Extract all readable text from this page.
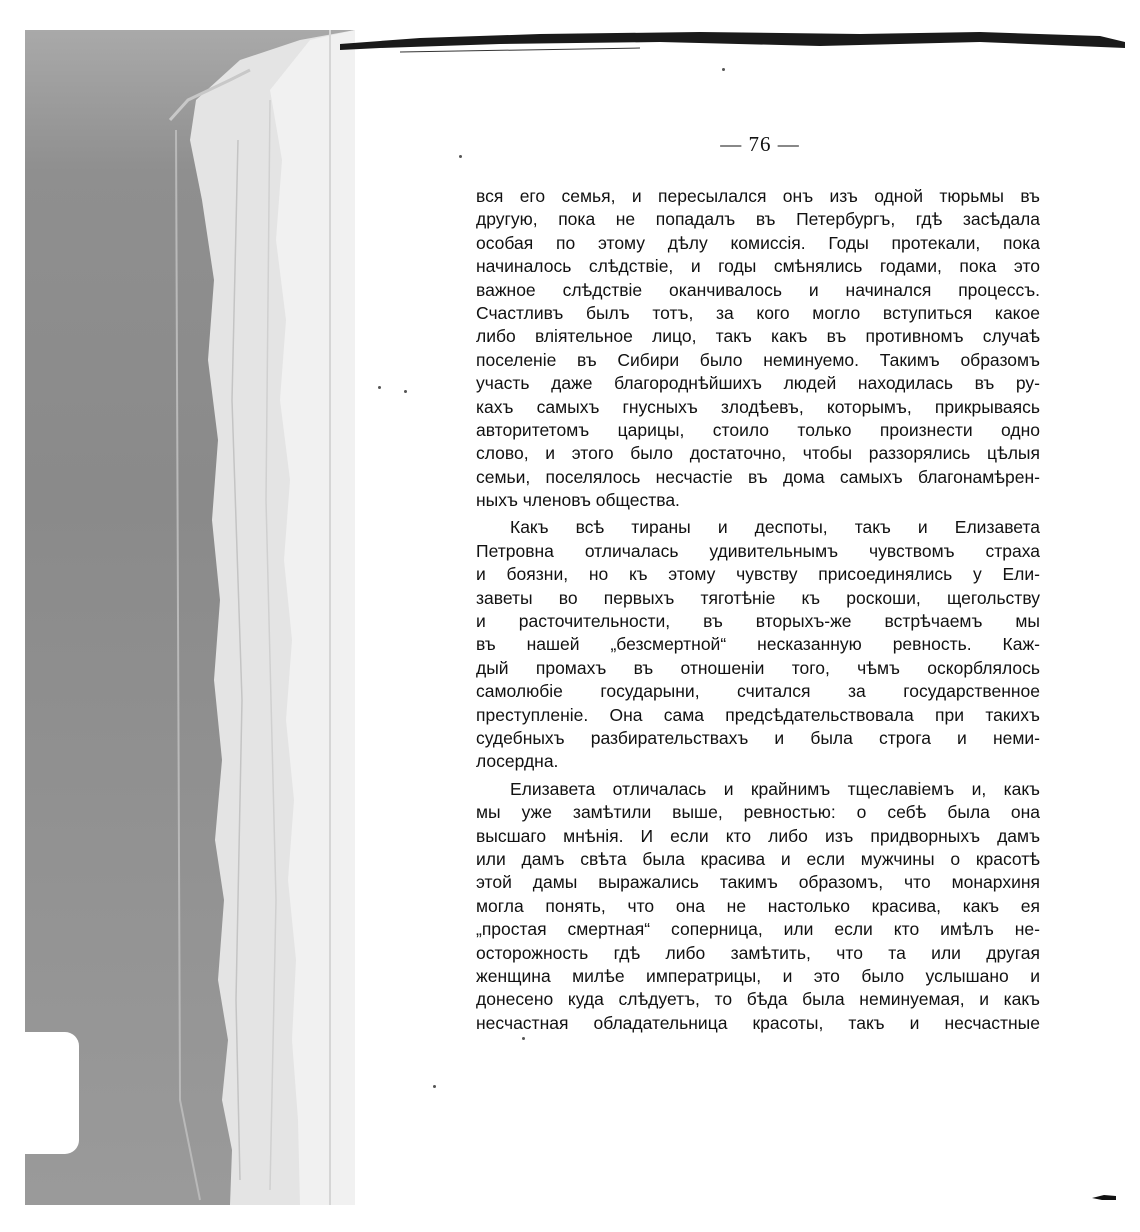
— 76 —
вся его семья, и пересылался онъ изъ одной тюрьмы въ
другую, пока не попадалъ въ Петербургъ, гдѣ засѣдала
особая по этому дѣлу комиссія. Годы протекали, пока
начиналось слѣдствіе, и годы смѣнялись годами, пока это
важное слѣдствіе оканчивалось и начинался процессъ.
Счастливъ былъ тотъ, за кого могло вступиться какое
либо вліятельное лицо, такъ какъ въ противномъ случаѣ
поселеніе въ Сибири было неминуемо. Такимъ образомъ
участь даже благороднѣйшихъ людей находилась въ ру-
кахъ самыхъ гнусныхъ злодѣевъ, которымъ, прикрываясь
авторитетомъ царицы, стоило только произнести одно
слово, и этого было достаточно, чтобы раззорялись цѣлыя
семьи, поселялось несчастіе въ дома самыхъ благонамѣрен-
ныхъ членовъ общества.
Какъ всѣ тираны и деспоты, такъ и Елизавета
Петровна отличалась удивительнымъ чувствомъ страха
и боязни, но къ этому чувству присоединялись у Ели-
заветы во первыхъ тяготѣніе къ роскоши, щегольству
и расточительности, въ вторыхъ-же встрѣчаемъ мы
въ нашей „безсмертной“ несказанную ревность. Каж-
дый промахъ въ отношеніи того, чѣмъ оскорблялось
самолюбіе государыни, считался за государственное
преступленіе. Она сама предсѣдательствовала при такихъ
судебныхъ разбирательствахъ и была строга и неми-
лосердна.
Елизавета отличалась и крайнимъ тщеславіемъ и, какъ
мы уже замѣтили выше, ревностью: о себѣ была она
высшаго мнѣнія. И если кто либо изъ придворныхъ дамъ
или дамъ свѣта была красива и если мужчины о красотѣ
этой дамы выражались такимъ образомъ, что монархиня
могла понять, что она не настолько красива, какъ ея
„простая смертная“ соперница, или если кто имѣлъ не-
осторожность гдѣ либо замѣтить, что та или другая
женщина милѣе императрицы, и это было услышано и
донесено куда слѣдуетъ, то бѣда была неминуемая, и какъ
несчастная обладательница красоты, такъ и несчастные
